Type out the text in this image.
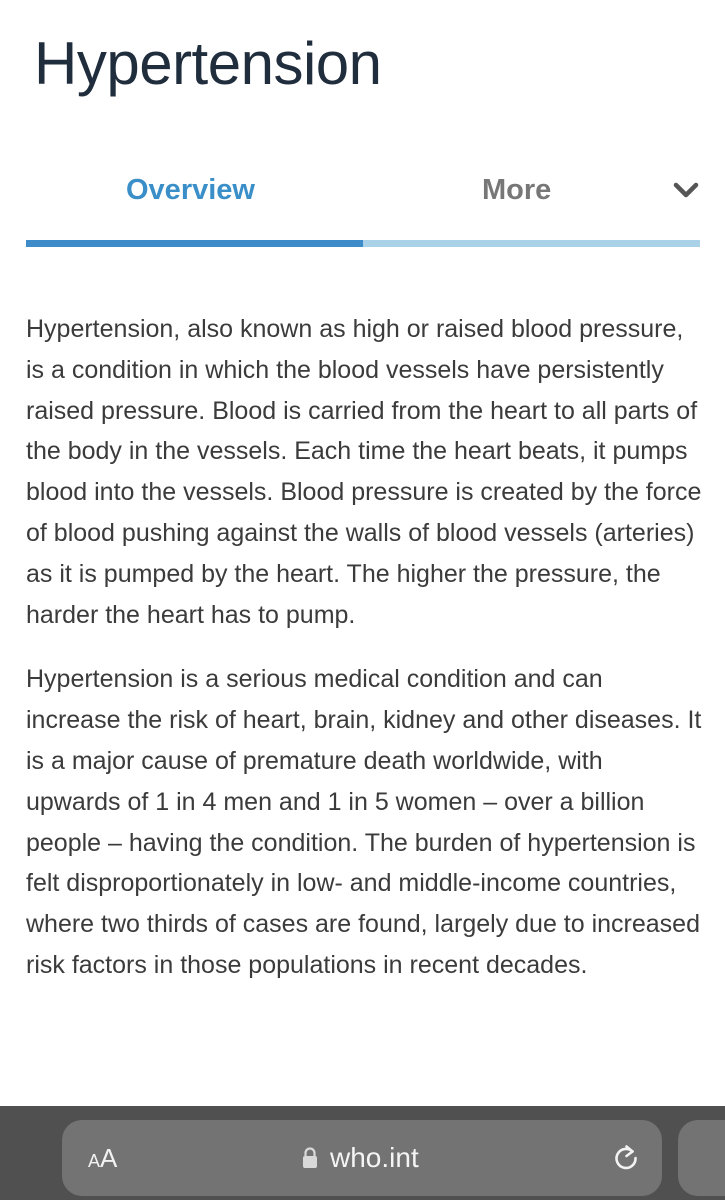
Hypertension
Overview	More

Hypertension, also known as high or raised blood pressure, is a condition in which the blood vessels have persistently raised pressure. Blood is carried from the heart to all parts of the body in the vessels. Each time the heart beats, it pumps blood into the vessels. Blood pressure is created by the force of blood pushing against the walls of blood vessels (arteries) as it is pumped by the heart. The higher the pressure, the harder the heart has to pump.

Hypertension is a serious medical condition and can increase the risk of heart, brain, kidney and other diseases. It is a major cause of premature death worldwide, with upwards of 1 in 4 men and 1 in 5 women – over a billion people – having the condition. The burden of hypertension is felt disproportionately in low- and middle-income countries, where two thirds of cases are found, largely due to increased risk factors in those populations in recent decades.

AA	who.int
